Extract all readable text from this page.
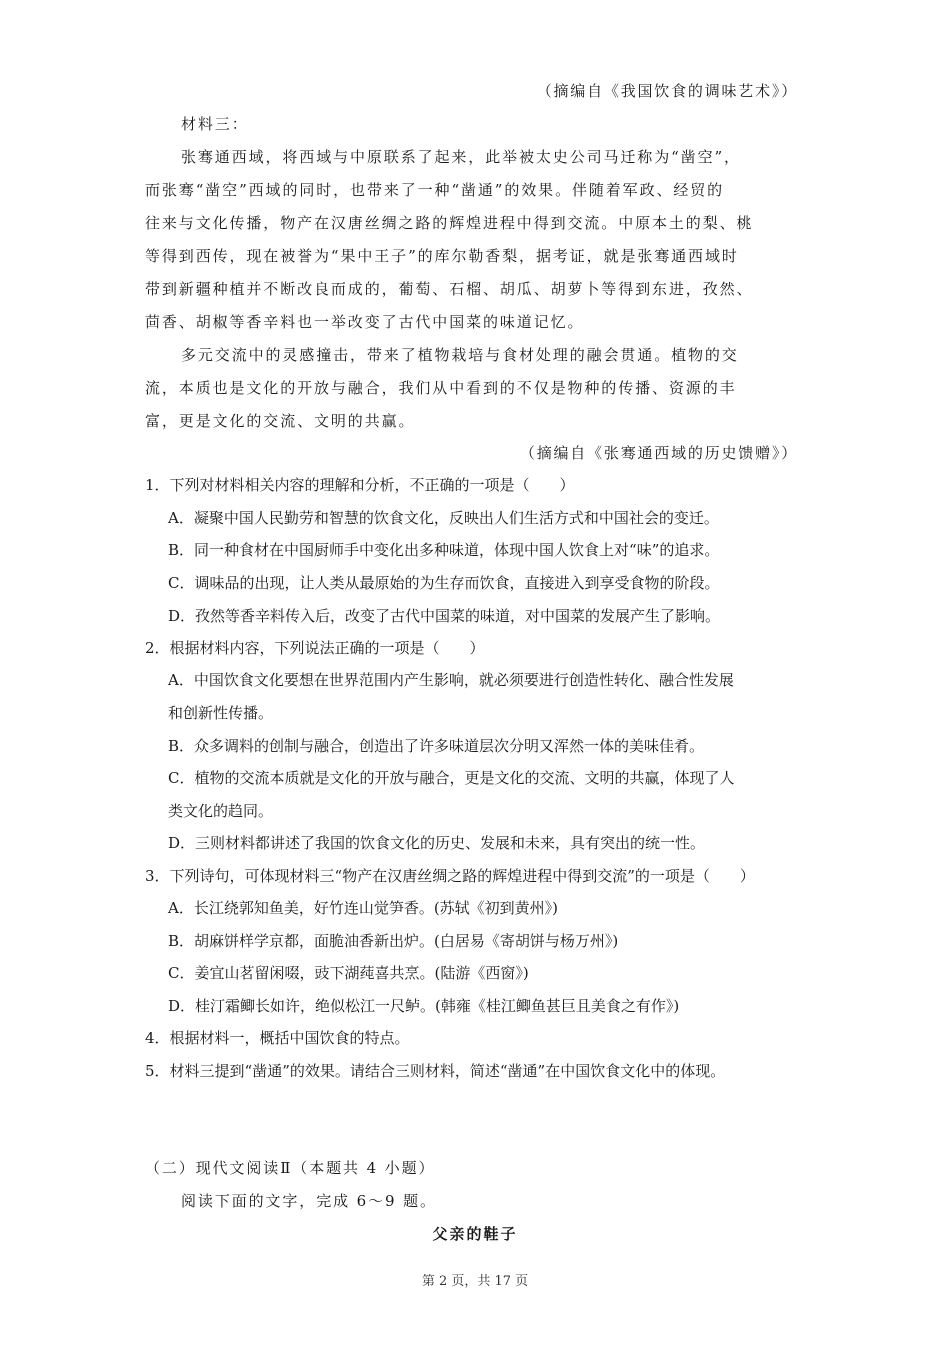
（摘编自《我国饮食的调味艺术》）
材料三：
张骞通西域，将西域与中原联系了起来，此举被太史公司马迁称为“凿空”，
而张骞“凿空”西域的同时，也带来了一种“凿通”的效果。伴随着军政、经贸的
往来与文化传播，物产在汉唐丝绸之路的辉煌进程中得到交流。中原本土的梨、桃
等得到西传，现在被誉为“果中王子”的库尔勒香梨，据考证，就是张骞通西域时
带到新疆种植并不断改良而成的，葡萄、石榴、胡瓜、胡萝卜等得到东进，孜然、
茴香、胡椒等香辛料也一举改变了古代中国菜的味道记忆。
多元交流中的灵感撞击，带来了植物栽培与食材处理的融会贯通。植物的交
流，本质也是文化的开放与融合，我们从中看到的不仅是物种的传播、资源的丰
富，更是文化的交流、文明的共赢。
（摘编自《张骞通西域的历史馈赠》）
1．下列对材料相关内容的理解和分析，不正确的一项是（　　）
A．凝聚中国人民勤劳和智慧的饮食文化，反映出人们生活方式和中国社会的变迁。
B．同一种食材在中国厨师手中变化出多种味道，体现中国人饮食上对“味”的追求。
C．调味品的出现，让人类从最原始的为生存而饮食，直接进入到享受食物的阶段。
D．孜然等香辛料传入后，改变了古代中国菜的味道，对中国菜的发展产生了影响。
2．根据材料内容，下列说法正确的一项是（　　）
A．中国饮食文化要想在世界范围内产生影响，就必须要进行创造性转化、融合性发展
和创新性传播。
B．众多调料的创制与融合，创造出了许多味道层次分明又浑然一体的美味佳肴。
C．植物的交流本质就是文化的开放与融合，更是文化的交流、文明的共赢，体现了人
类文化的趋同。
D．三则材料都讲述了我国的饮食文化的历史、发展和未来，具有突出的统一性。
3．下列诗句，可体现材料三“物产在汉唐丝绸之路的辉煌进程中得到交流”的一项是（　　）
A．长江绕郭知鱼美，好竹连山觉笋香。(苏轼《初到黄州》)
B．胡麻饼样学京都，面脆油香新出炉。(白居易《寄胡饼与杨万州》)
C．姜宜山茗留闲啜，豉下湖莼喜共烹。(陆游《西窗》)
D．桂汀霜鲫长如许，绝似松江一尺鲈。(韩雍《桂江鲫鱼甚巨且美食之有作》)
4．根据材料一，概括中国饮食的特点。
5．材料三提到“凿通”的效果。请结合三则材料，简述“凿通”在中国饮食文化中的体现。
（二）现代文阅读Ⅱ（本题共 4 小题）
阅读下面的文字，完成 6～9 题。
父亲的鞋子
第 2 页，共 17 页
